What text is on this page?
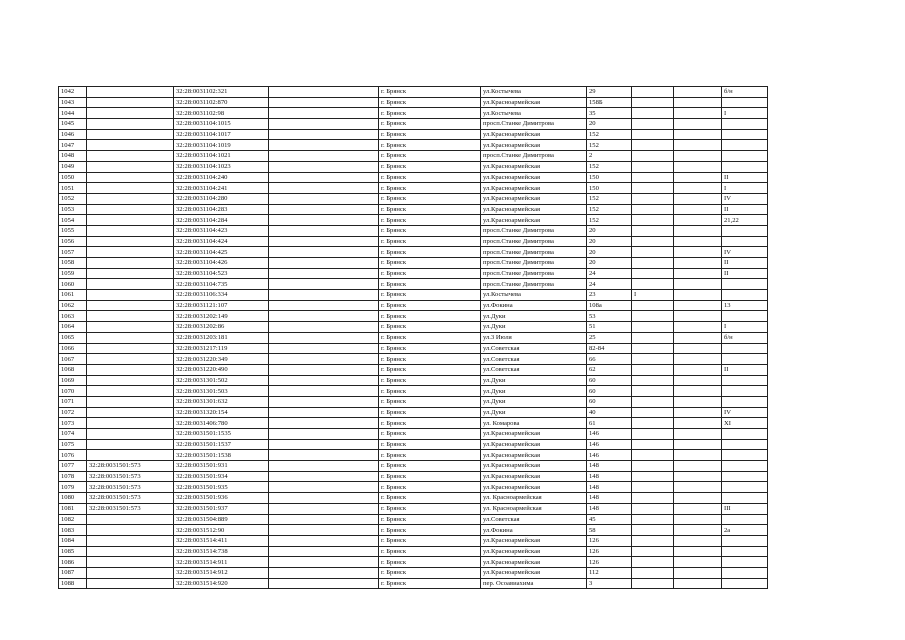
1042		32:28:0031102:321		г. Брянск	ул.Костычева	29			б/н
1043		32:28:0031102:870		г. Брянск	ул.Красноармейская	158Б			
1044		32:28:0031102:98		г. Брянск	ул.Костычева	35			I
1045		32:28:0031104:1015		г. Брянск	просп.Станке Димитрова	20			
1046		32:28:0031104:1017		г. Брянск	ул.Красноармейская	152			
1047		32:28:0031104:1019		г. Брянск	ул.Красноармейская	152			
1048		32:28:0031104:1021		г. Брянск	просп.Станке Димитрова	2			
1049		32:28:0031104:1023		г. Брянск	ул.Красноармейская	152			
1050		32:28:0031104:240		г. Брянск	ул.Красноармейская	150			II
1051		32:28:0031104:241		г. Брянск	ул.Красноармейская	150			I
1052		32:28:0031104:280		г. Брянск	ул.Красноармейская	152			IV
1053		32:28:0031104:283		г. Брянск	ул.Красноармейская	152			II
1054		32:28:0031104:284		г. Брянск	ул.Красноармейская	152			21,22
1055		32:28:0031104:423		г. Брянск	просп.Станке Димитрова	20			
1056		32:28:0031104:424		г. Брянск	просп.Станке Димитрова	20			
1057		32:28:0031104:425		г. Брянск	просп.Станке Димитрова	20			IV
1058		32:28:0031104:426		г. Брянск	просп.Станке Димитрова	20			II
1059		32:28:0031104:523		г. Брянск	просп.Станке Димитрова	24			II
1060		32:28:0031104:735		г. Брянск	просп.Станке Димитрова	24			
1061		32:28:0031106:334		г. Брянск	ул.Костычева	23	I		
1062		32:28:0031121:107		г. Брянск	ул.Фокина	108а			13
1063		32:28:0031202:149		г. Брянск	ул.Дуки	53			
1064		32:28:0031202:86		г. Брянск	ул.Дуки	51			I
1065		32:28:0031203:181		г. Брянск	ул.3 Июля	25			б/н
1066		32:28:0031217:119		г. Брянск	ул.Советская	82-84			
1067		32:28:0031220:349		г. Брянск	ул.Советская	66			
1068		32:28:0031220:490		г. Брянск	ул.Советская	62			II
1069		32:28:0031301:502		г. Брянск	ул.Дуки	60			
1070		32:28:0031301:503		г. Брянск	ул.Дуки	60			
1071		32:28:0031301:632		г. Брянск	ул.Дуки	60			
1072		32:28:0031320:154		г. Брянск	ул.Дуки	40			IV
1073		32:28:0031406:780		г. Брянск	ул. Комарова	61			XI
1074		32:28:0031501:1535		г. Брянск	ул.Красноармейская	146			
1075		32:28:0031501:1537		г. Брянск	ул.Красноармейская	146			
1076		32:28:0031501:1538		г. Брянск	ул.Красноармейская	146			
1077	32:28:0031501:573	32:28:0031501:931		г. Брянск	ул.Красноармейская	148			
1078	32:28:0031501:573	32:28:0031501:934		г. Брянск	ул.Красноармейская	148			
1079	32:28:0031501:573	32:28:0031501:935		г. Брянск	ул.Красноармейская	148			
1080	32:28:0031501:573	32:28:0031501:936		г. Брянск	ул. Красноармейская	148			
1081	32:28:0031501:573	32:28:0031501:937		г. Брянск	ул. Красноармейская	148			III
1082		32:28:0031504:889		г. Брянск	ул.Советская	45			
1083		32:28:0031512:90		г. Брянск	ул.Фокина	58			2а
1084		32:28:0031514:411		г. Брянск	ул.Красноармейская	126			
1085		32:28:0031514:738		г. Брянск	ул.Красноармейская	126			
1086		32:28:0031514:911		г. Брянск	ул.Красноармейская	126			
1087		32:28:0031514:912		г. Брянск	ул.Красноармейская	112			
1088		32:28:0031514:920		г. Брянск	пер. Осоавиахима	3			
